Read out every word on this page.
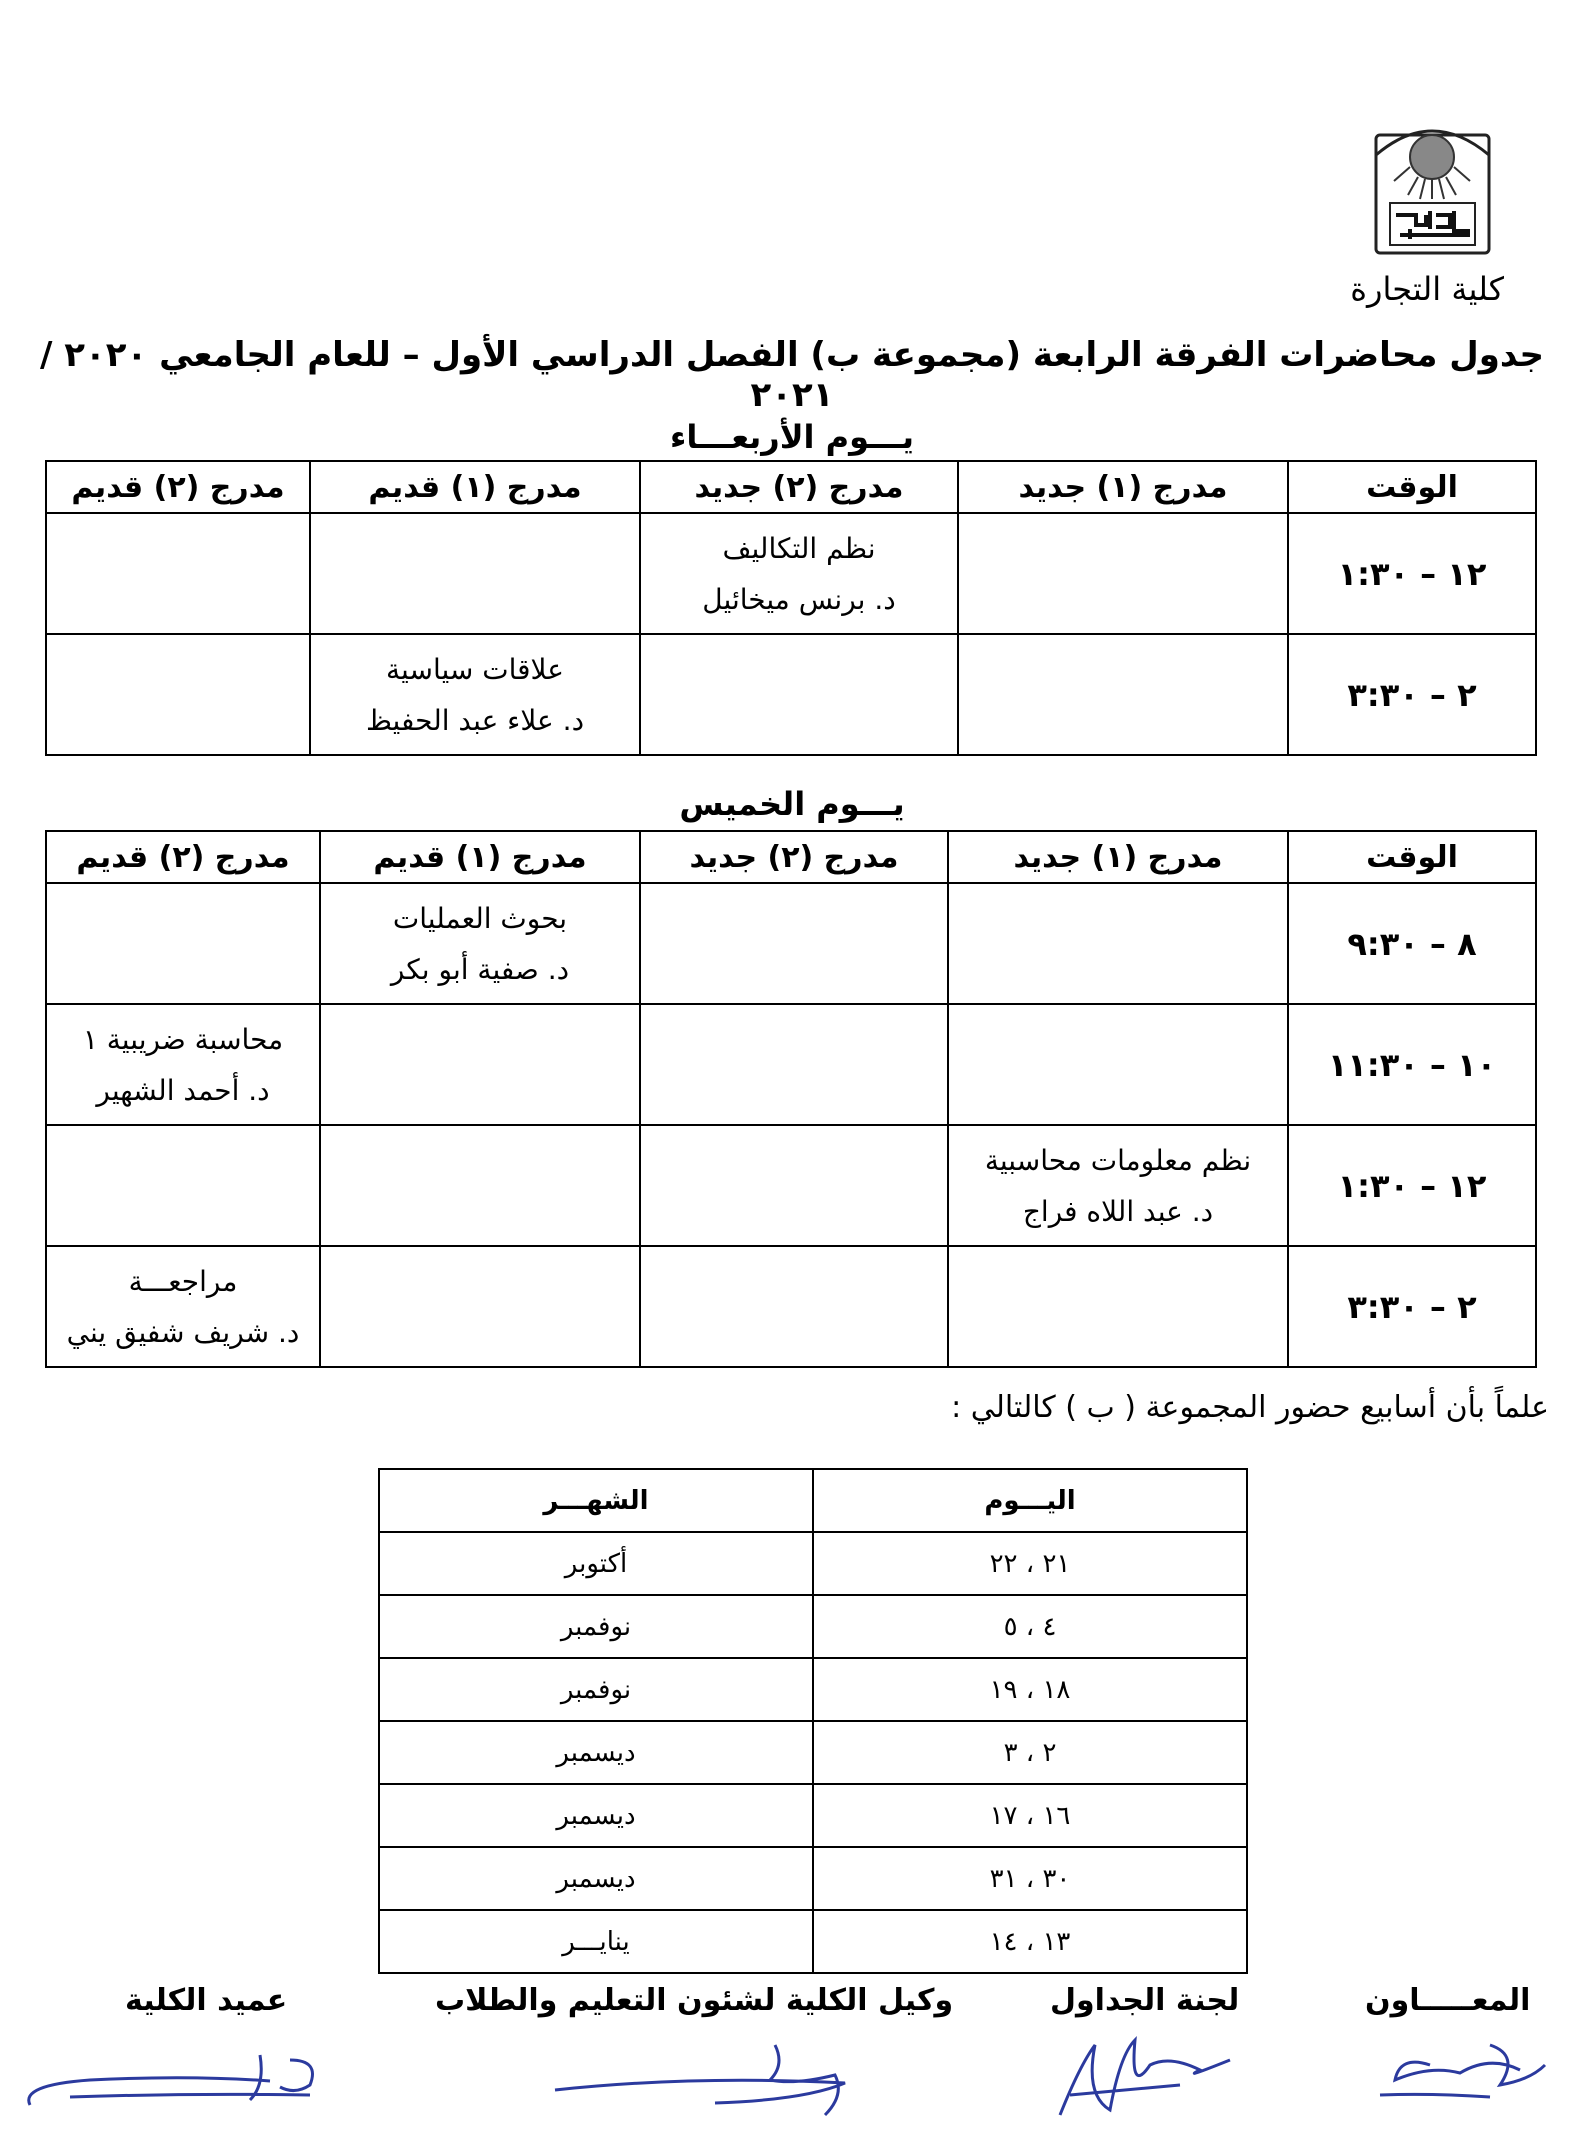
كلية التجارة
جدول محاضرات الفرقة الرابعة (مجموعة ب) الفصل الدراسي الأول – للعام الجامعي ٢٠٢٠ / ٢٠٢١
يـــوم الأربعـــاء
الوقت	مدرج (١) جديد	مدرج (٢) جديد	مدرج (١) قديم	مدرج (٢) قديم
١٢ – ١:٣٠		نظم التكاليف
د. برنس ميخائيل		

٢ – ٣:٣٠			علاقات سياسية
د. علاء عبد الحفيظ	

يـــوم الخميس
الوقت	مدرج (١) جديد	مدرج (٢) جديد	مدرج (١) قديم	مدرج (٢) قديم
٨ – ٩:٣٠			بحوث العمليات
د. صفية أبو بكر	

١٠ – ١١:٣٠				محاسبة ضريبية ١
د. أحمد الشهير

١٢ – ١:٣٠	نظم معلومات محاسبية
د. عبد اللاه فراج			

٢ – ٣:٣٠				مراجعـــة
د. شريف شفيق يني
علماً بأن أسابيع حضور المجموعة ( ب ) كالتالي :
اليـــوم	الشهـــر
٢١ ، ٢٢	أكتوبر
٤ ، ٥	نوفمبر
١٨ ، ١٩	نوفمبر
٢ ، ٣	ديسمبر
١٦ ، ١٧	ديسمبر
٣٠ ، ٣١	ديسمبر
١٣ ، ١٤	ينايـــر
المعـــــاون
لجنة الجداول
وكيل الكلية لشئون التعليم والطلاب
عميد الكلية
